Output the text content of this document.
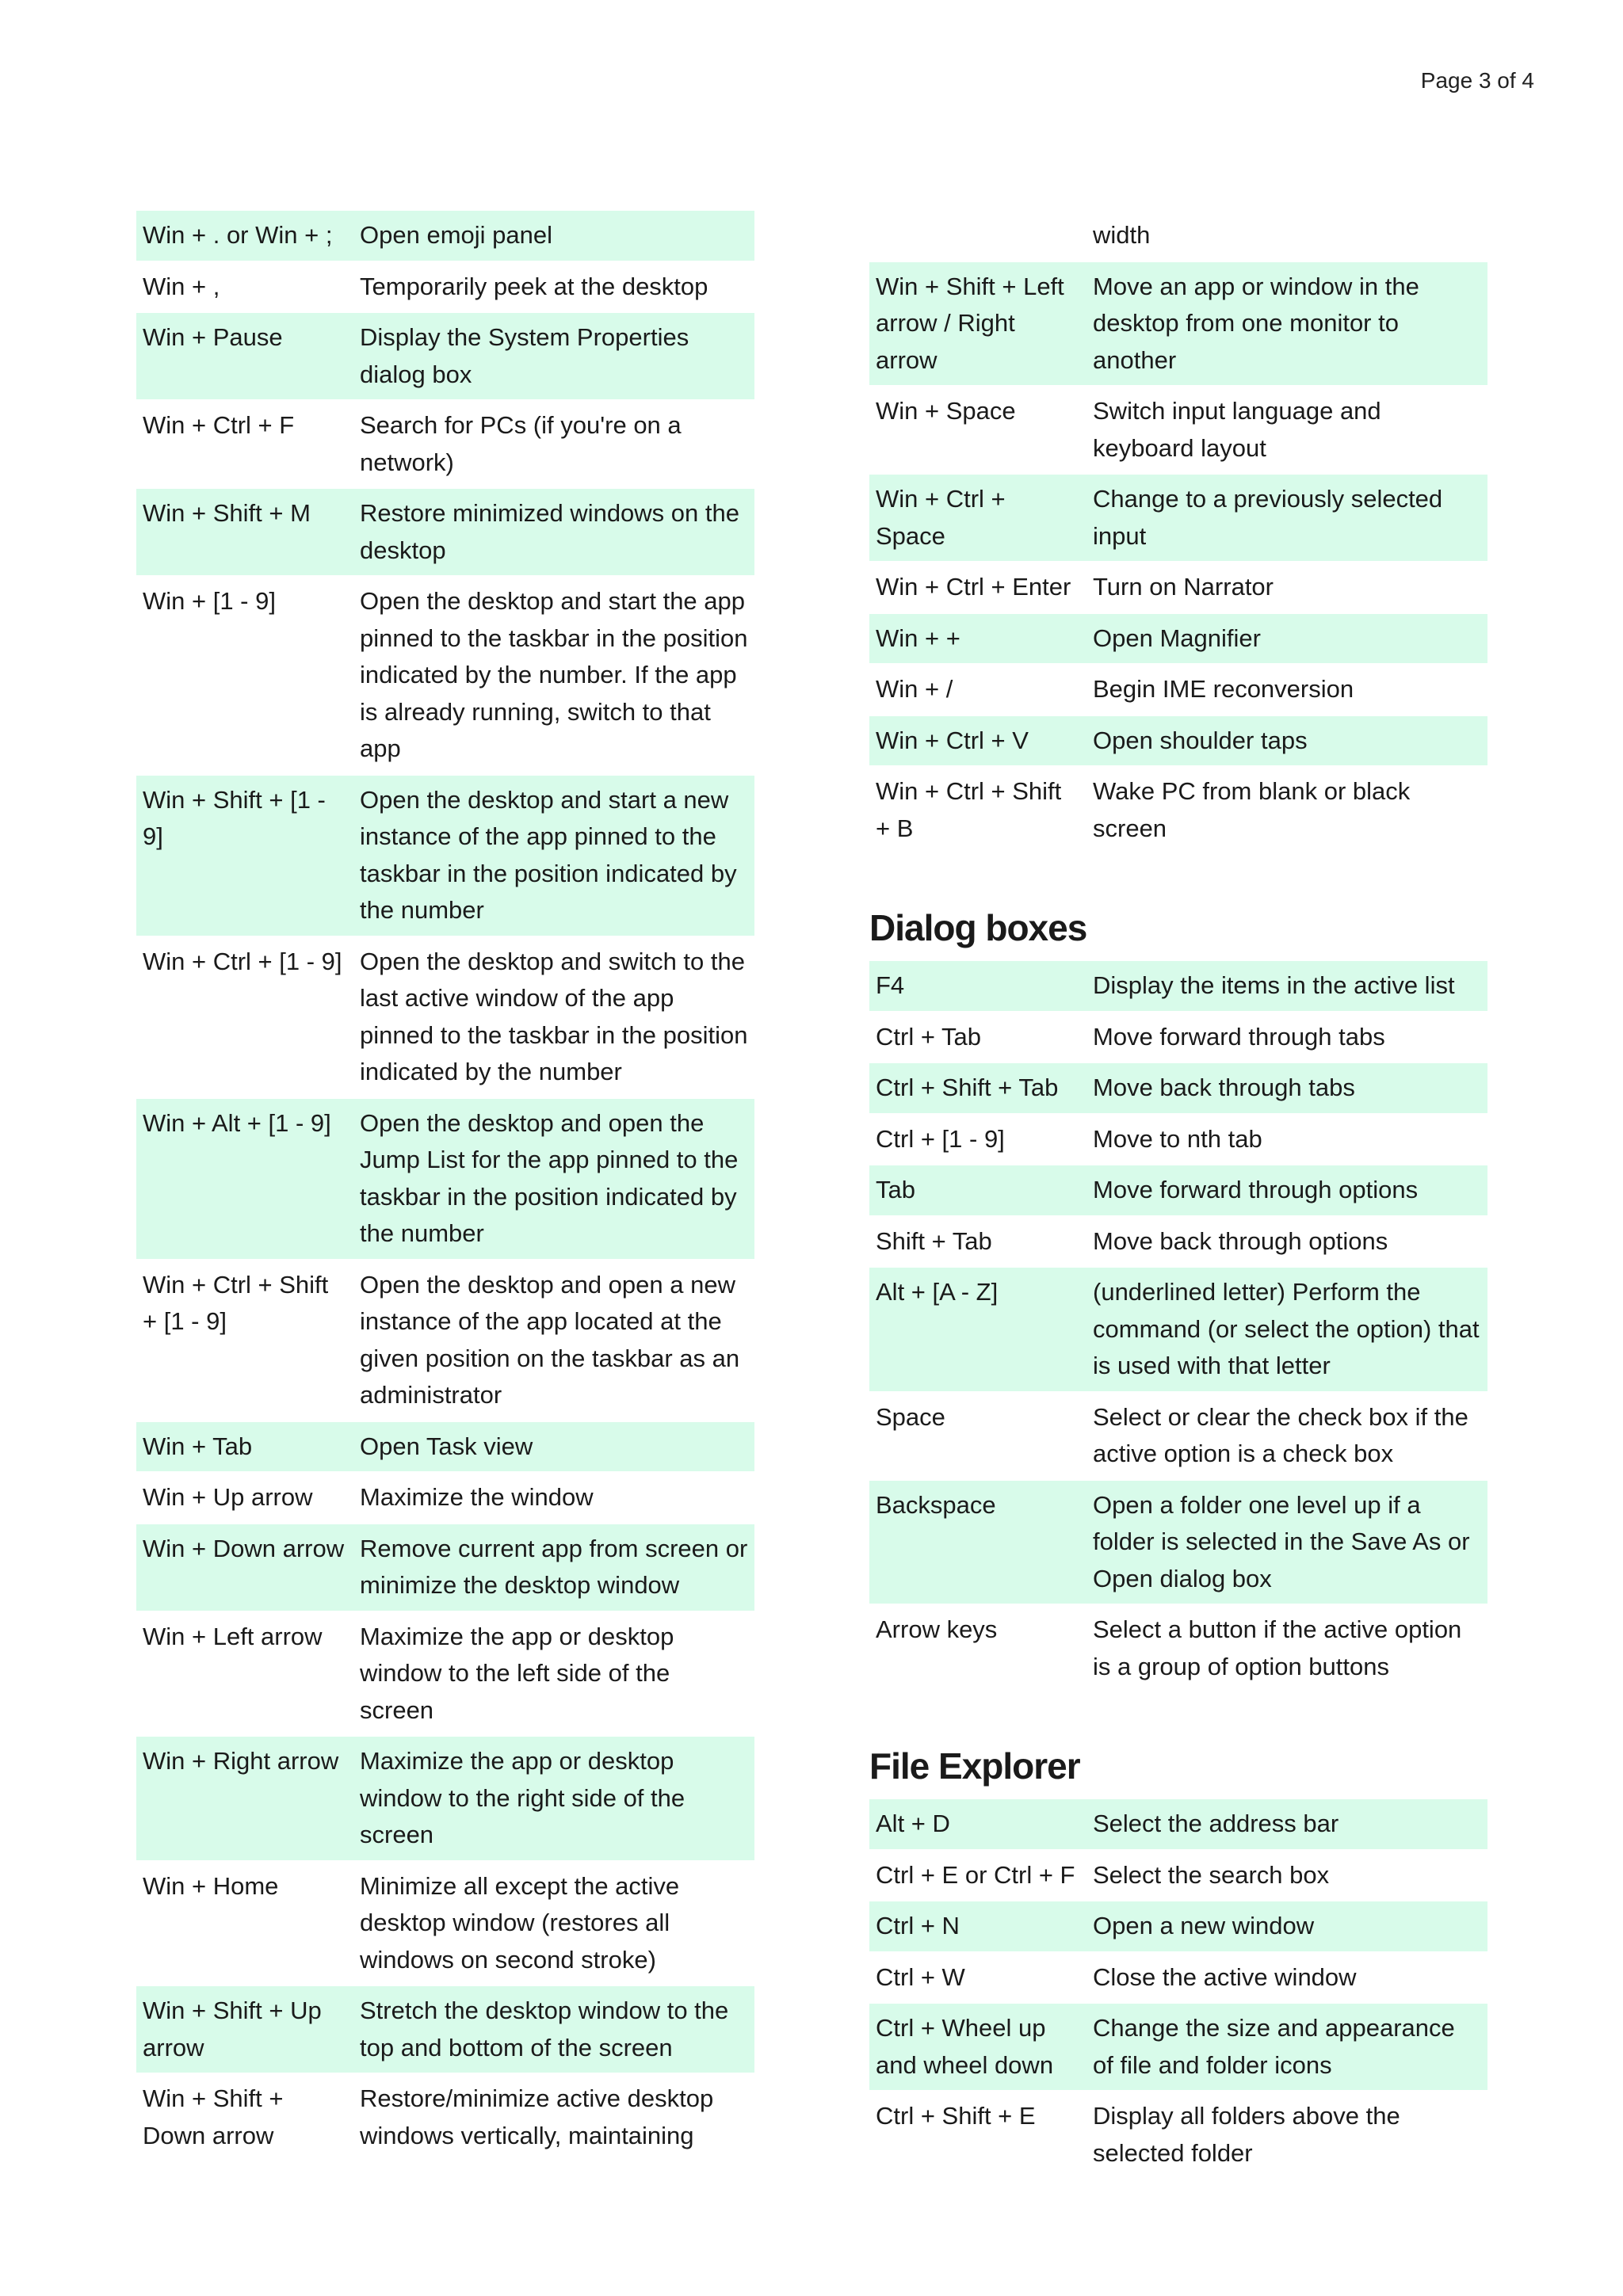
Page 3 of 4
Win + . or Win + ;	Open emoji panel
Win + ,	Temporarily peek at the desktop
Win + Pause	Display the System Properties dialog box
Win + Ctrl + F	Search for PCs (if you're on a network)
Win + Shift + M	Restore minimized windows on the desktop
Win + [1 - 9]	Open the desktop and start the app pinned to the taskbar in the position indicated by the number. If the app is already running, switch to that app
Win + Shift + [1 - 9]	Open the desktop and start a new instance of the app pinned to the taskbar in the position indicated by the number
Win + Ctrl + [1 - 9]	Open the desktop and switch to the last active window of the app pinned to the taskbar in the position indicated by the number
Win + Alt + [1 - 9]	Open the desktop and open the Jump List for the app pinned to the taskbar in the position indicated by the number
Win + Ctrl + Shift + [1 - 9]	Open the desktop and open a new instance of the app located at the given position on the taskbar as an administrator
Win + Tab	Open Task view
Win + Up arrow	Maximize the window
Win + Down arrow	Remove current app from screen or minimize the desktop window
Win + Left arrow	Maximize the app or desktop window to the left side of the screen
Win + Right arrow	Maximize the app or desktop window to the right side of the screen
Win + Home	Minimize all except the active desktop window (restores all windows on second stroke)
Win + Shift + Up arrow	Stretch the desktop window to the top and bottom of the screen
Win + Shift + Down arrow	Restore/minimize active desktop windows vertically, maintaining
	width
Win + Shift + Left arrow / Right arrow	Move an app or window in the desktop from one monitor to another
Win + Space	Switch input language and keyboard layout
Win + Ctrl + Space	Change to a previously selected input
Win + Ctrl + Enter	Turn on Narrator
Win + +	Open Magnifier
Win + /	Begin IME reconversion
Win + Ctrl + V	Open shoulder taps
Win + Ctrl + Shift + B	Wake PC from blank or black screen
Dialog boxes
F4	Display the items in the active list
Ctrl + Tab	Move forward through tabs
Ctrl + Shift + Tab	Move back through tabs
Ctrl + [1 - 9]	Move to nth tab
Tab	Move forward through options
Shift + Tab	Move back through options
Alt + [A - Z]	(underlined letter) Perform the command (or select the option) that is used with that letter
Space	Select or clear the check box if the active option is a check box
Backspace	Open a folder one level up if a folder is selected in the Save As or Open dialog box
Arrow keys	Select a button if the active option is a group of option buttons
File Explorer
Alt + D	Select the address bar
Ctrl + E or Ctrl + F	Select the search box
Ctrl + N	Open a new window
Ctrl + W	Close the active window
Ctrl + Wheel up and wheel down	Change the size and appearance of file and folder icons
Ctrl + Shift + E	Display all folders above the selected folder
